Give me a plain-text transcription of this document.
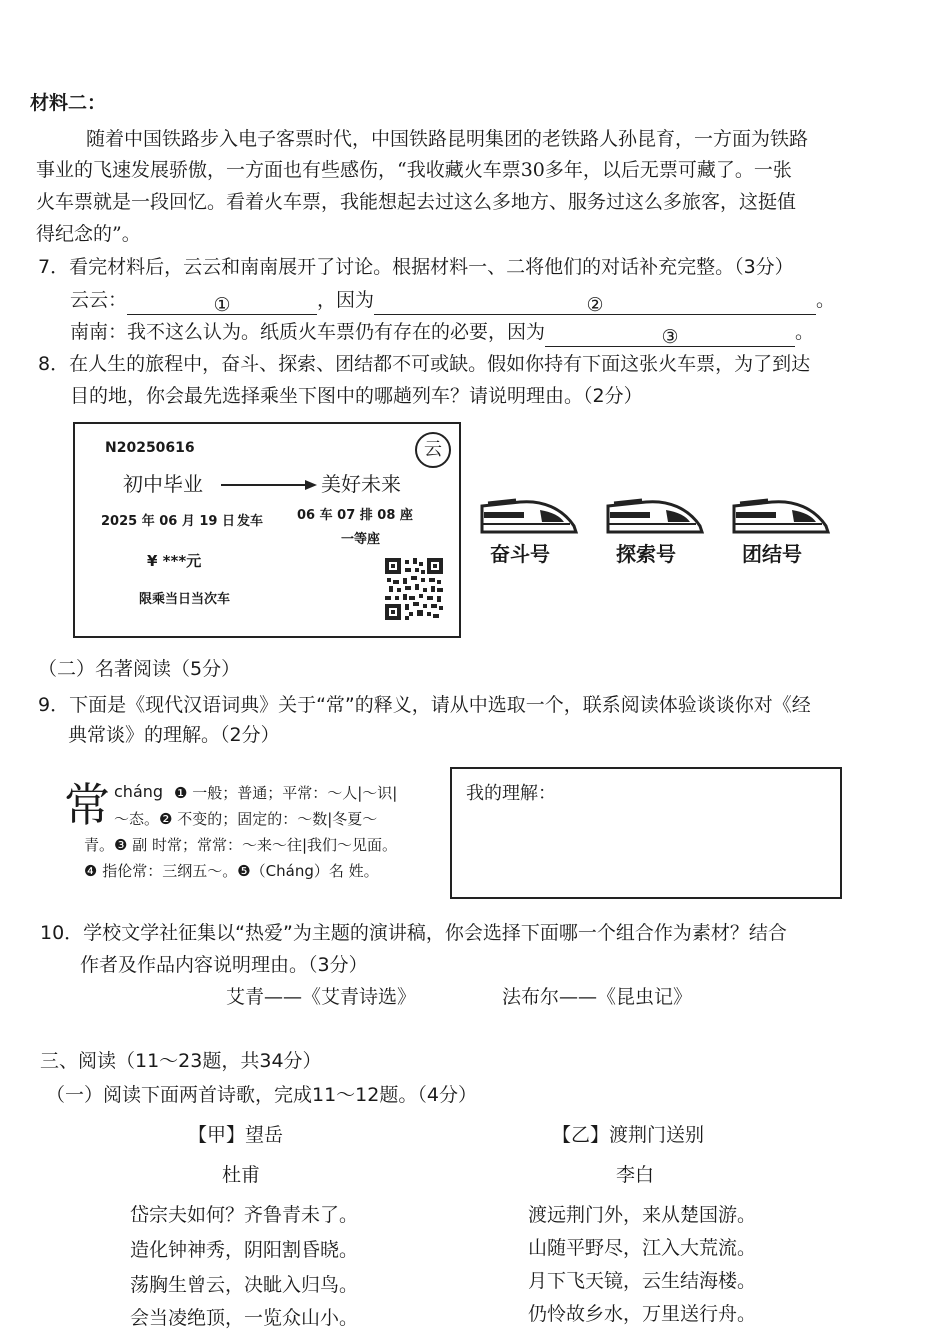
材料二：
随着中国铁路步入电子客票时代，中国铁路昆明集团的老铁路人孙昆育，一方面为铁路
事业的飞速发展骄傲，一方面也有些感伤，“我收藏火车票30多年，以后无票可藏了。一张
火车票就是一段回忆。看着火车票，我能想起去过这么多地方、服务过这么多旅客，这挺值
得纪念的”。
7．看完材料后，云云和南南展开了讨论。根据材料一、二将他们的对话补充完整。（3分）
云云：	①	，因为	②	。
南南：我不这么认为。纸质火车票仍有存在的必要，因为	③	。
8．在人生的旅程中，奋斗、探索、团结都不可或缺。假如你持有下面这张火车票，为了到达
目的地，你会最先选择乘坐下图中的哪趟列车？请说明理由。（2分）
N20250616	云
初中毕业	美好未来
2025 年 06 月 19 日 发车	06 车 07 排 08 座
一等座
¥ ***元
限乘当日当次车
奋斗号	探索号	团结号
（二）名著阅读（5分）
9．下面是《现代汉语词典》关于“常”的释义，请从中选取一个，联系阅读体验谈谈你对《经
典常谈》的理解。（2分）
常 cháng ❶ 一般；普通；平常：～人|～识|
～态。❷ 不变的；固定的：～数|冬夏～
青。❸ 副 时常；常常：～来～往|我们～见面。
❹ 指伦常：三纲五～。❺（Cháng）名 姓。
我的理解：
10．学校文学社征集以“热爱”为主题的演讲稿，你会选择下面哪一个组合作为素材？结合
作者及作品内容说明理由。（3分）
艾青——《艾青诗选》	法布尔——《昆虫记》
三、阅读（11～23题，共34分）
（一）阅读下面两首诗歌，完成11～12题。（4分）
【甲】望岳
杜甫
岱宗夫如何？齐鲁青未了。
造化钟神秀，阴阳割昏晓。
荡胸生曾云，决眦入归鸟。
会当凌绝顶，一览众山小。
【乙】渡荆门送别
李白
渡远荆门外，来从楚国游。
山随平野尽，江入大荒流。
月下飞天镜，云生结海楼。
仍怜故乡水，万里送行舟。
